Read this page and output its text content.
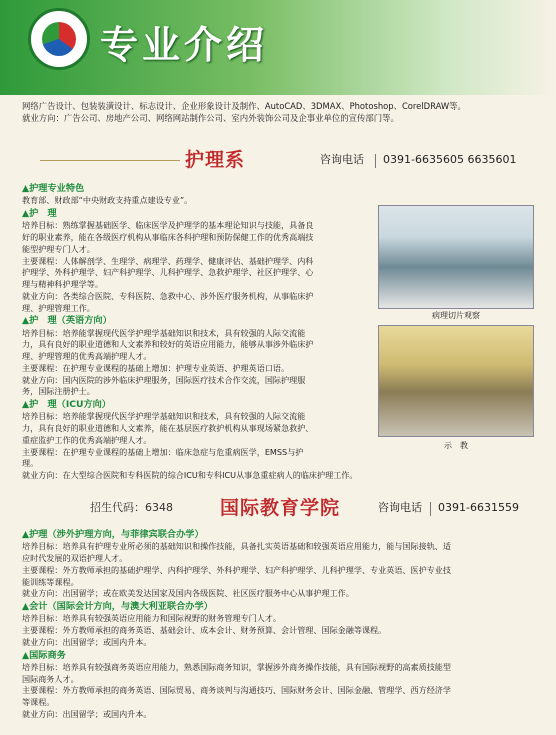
专业介绍
网络广告设计、包装装潢设计、标志设计、企业形象设计及制作、AutoCAD、3DMAX、Photoshop、CorelDRAW等。
就业方向：广告公司、房地产公司、网络网站制作公司、室内外装饰公司及企事业单位的宣传部门等。
护理系	咨询电话 0391-6635605 6635601
▲护理专业特色
教育部、财政部“中央财政支持重点建设专业”。
▲护　理
培养目标：熟练掌握基础医学、临床医学及护理学的基本理论知识与技能，具备良
好的职业素养，能在各级医疗机构从事临床各科护理和预防保健工作的优秀高端技
能型护理专门人才。
主要课程：人体解剖学、生理学、病理学、药理学、健康评估、基础护理学、内科
护理学、外科护理学、妇产科护理学、儿科护理学、急救护理学、社区护理学、心
理与精神科护理学等。
就业方向：各类综合医院、专科医院、急救中心、涉外医疗服务机构，从事临床护
理、护理管理工作。
▲护　理（英语方向）
培养目标：培养能掌握现代医学护理学基础知识和技术，具有较强的人际交流能
力，具有良好的职业道德和人文素养和较好的英语应用能力，能够从事涉外临床护
理、护理管理的优秀高端护理人才。
主要课程：在护理专业课程的基础上增加：护理专业英语、护理英语口语。
就业方向：国内医院的涉外临床护理服务，国际医疗技术合作交流，国际护理服
务，国际注册护士。
▲护　理（ICU方向）
培养目标：培养能掌握现代医学护理学基础知识和技术，具有较强的人际交流能
力，具有良好的职业道德和人文素养，能在基层医疗救护机构从事现场紧急救护、
重症监护工作的优秀高端护理人才。
主要课程：在护理专业课程的基础上增加：临床急症与危重病医学，EMSS与护
理。
就业方向：在大型综合医院和专科医院的综合ICU和专科ICU从事急重症病人的临床护理工作。
病理切片观察
示　教
招生代码：6348 国际教育学院	咨询电话 0391-6631559
▲护理（涉外护理方向，与菲律宾联合办学）
培养目标：培养具有护理专业所必须的基础知识和操作技能，具备扎实英语基础和较强英语应用能力，能与国际接轨、适
应时代发展的双语护理人才。
主要课程：外方教师承担的基础护理学、内科护理学、外科护理学、妇产科护理学、儿科护理学、专业英语、医护专业技
能训练等课程。
就业方向：出国留学；或在欧美发达国家及国内各级医院、社区医疗服务中心从事护理工作。
▲会计（国际会计方向，与澳大利亚联合办学）
培养目标：培养具有较强英语应用能力和国际视野的财务管理专门人才。
主要课程：外方教师承担的商务英语、基础会计、成本会计、财务预算、会计管理、国际金融等课程。
就业方向：出国留学；或国内升本。
▲国际商务
培养目标：培养具有较强商务英语应用能力，熟悉国际商务知识，掌握涉外商务操作技能，具有国际视野的高素质技能型
国际商务人才。
主要课程：外方教师承担的商务英语、国际贸易、商务谈判与沟通技巧、国际财务会计、国际金融、管理学、西方经济学
等课程。
就业方向：出国留学；或国内升本。
